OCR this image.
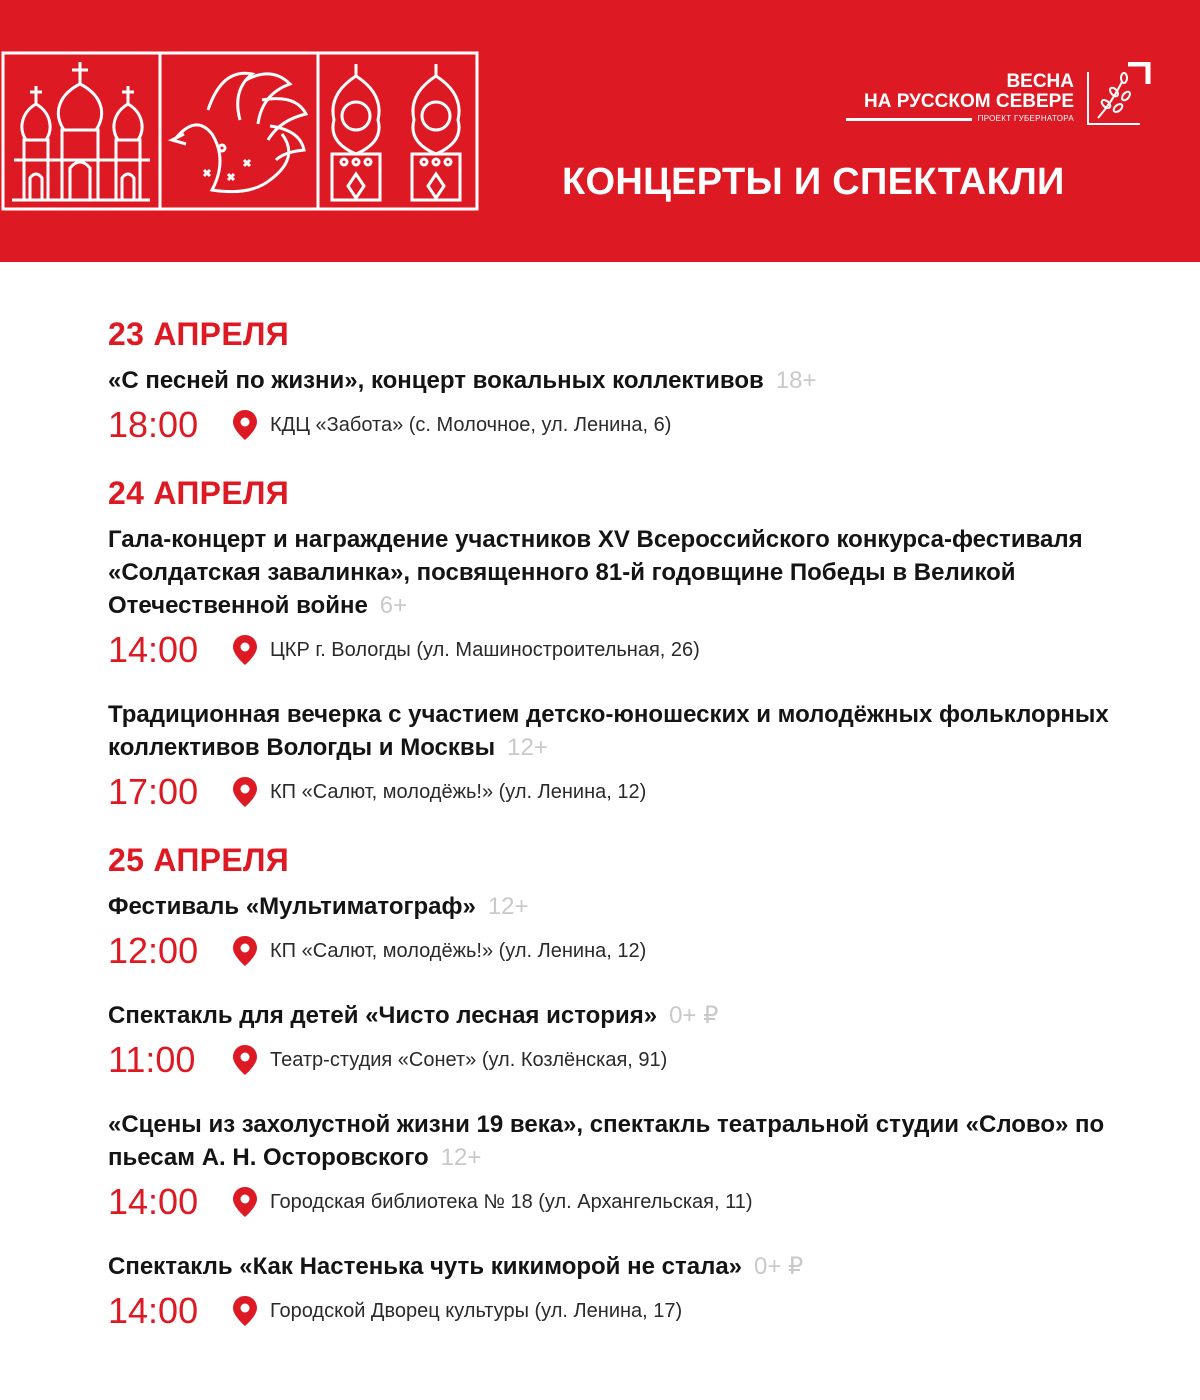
ВЕСНА
НА РУССКОМ СЕВЕРЕ
ПРОЕКТ ГУБЕРНАТОРА
КОНЦЕРТЫ И СПЕКТАКЛИ
23 АПРЕЛЯ
«С песней по жизни», концерт вокальных коллективов 18+
18:00	КДЦ «Забота» (с. Молочное, ул. Ленина, 6)
24 АПРЕЛЯ
Гала-концерт и награждение участников XV Всероссийского конкурса-фестиваля «Солдатская завалинка», посвященного 81-й годовщине Победы в Великой Отечественной войне 6+
14:00	ЦКР г. Вологды (ул. Машиностроительная, 26)
Традиционная вечерка с участием детско-юношеских и молодёжных фольклорных коллективов Вологды и Москвы 12+
17:00	КП «Салют, молодёжь!» (ул. Ленина, 12)
25 АПРЕЛЯ
Фестиваль «Мультиматограф» 12+
12:00	КП «Салют, молодёжь!» (ул. Ленина, 12)
Спектакль для детей «Чисто лесная история» 0+ ₽
11:00	Театр-студия «Сонет» (ул. Козлёнская, 91)
«Сцены из захолустной жизни 19 века», спектакль театральной студии «Слово» по пьесам А. Н. Осторовского 12+
14:00	Городская библиотека № 18 (ул. Архангельская, 11)
Спектакль «Как Настенька чуть кикиморой не стала» 0+ ₽
14:00	Городской Дворец культуры (ул. Ленина, 17)
